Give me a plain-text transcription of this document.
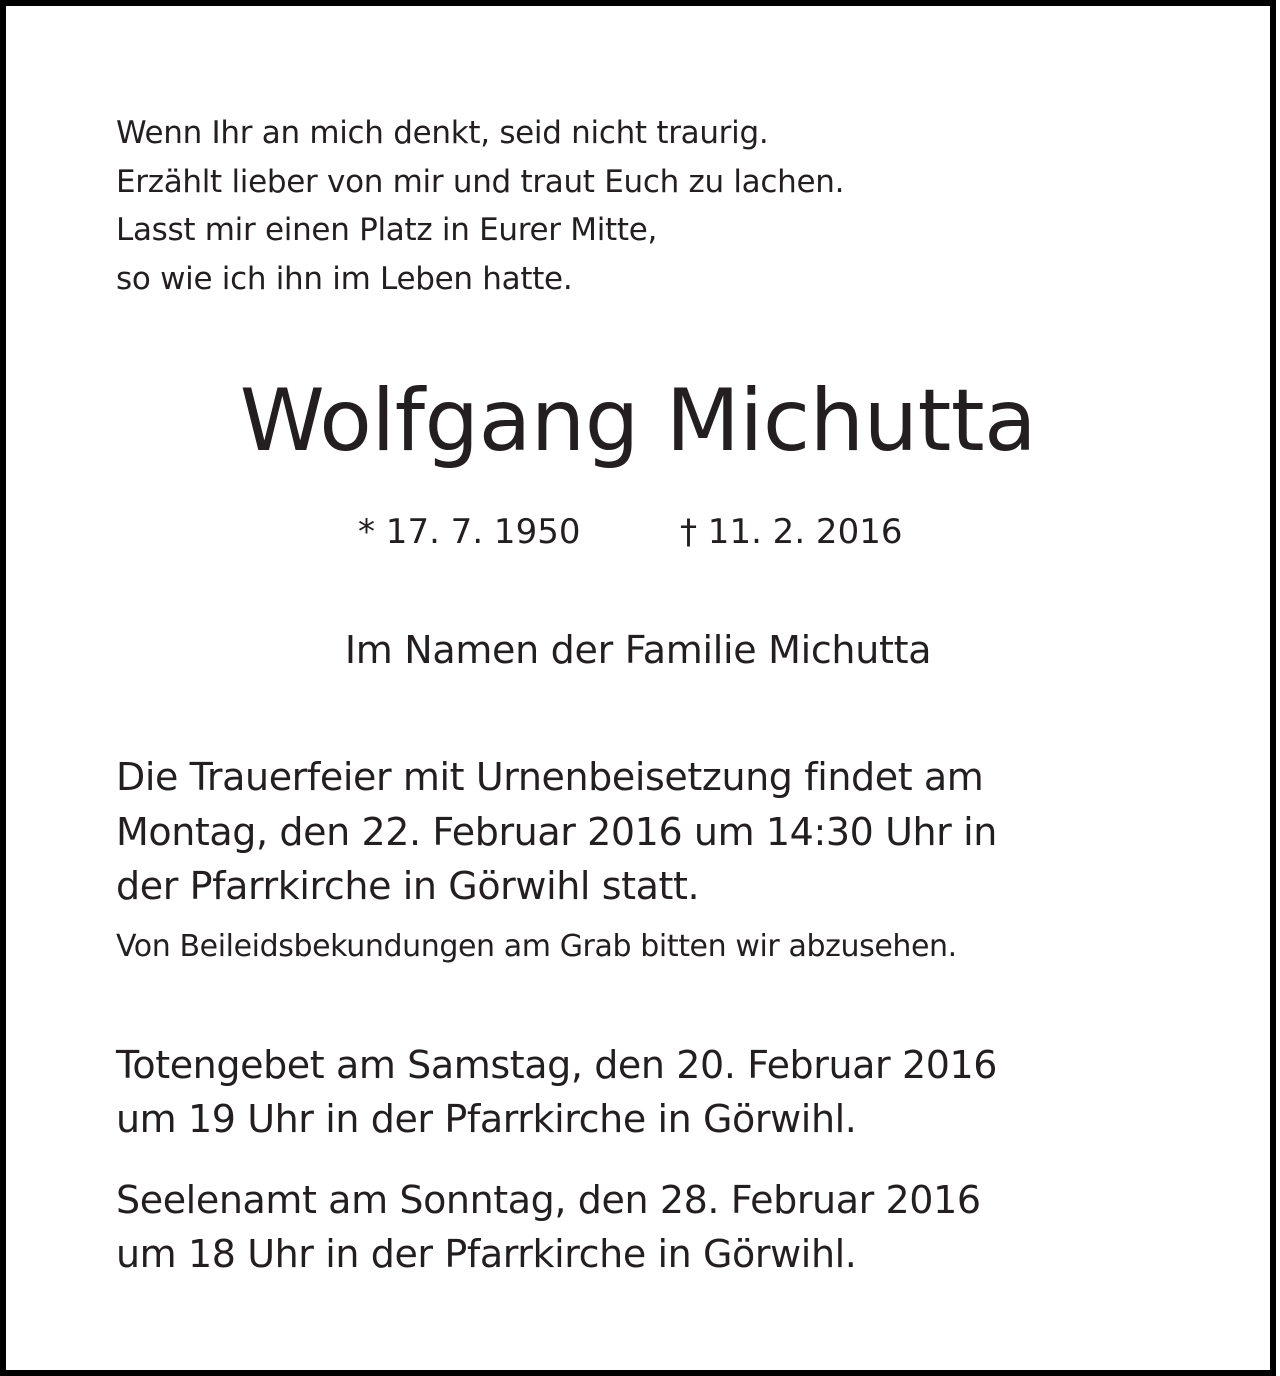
Wenn Ihr an mich denkt, seid nicht traurig.

Erzählt lieber von mir und traut Euch zu lachen.

Lasst mir einen Platz in Eurer Mitte,

so wie ich ihn im Leben hatte.

Wolfgang Michutta

* 17. 7. 1950	† 11. 2. 2016

Im Namen der Familie Michutta

Die Trauerfeier mit Urnenbeisetzung findet am

Montag, den 22. Februar 2016 um 14:30 Uhr in

der Pfarrkirche in Görwihl statt.

Von Beileidsbekundungen am Grab bitten wir abzusehen.

Totengebet am Samstag, den 20. Februar 2016

um 19 Uhr in der Pfarrkirche in Görwihl.

Seelenamt am Sonntag, den 28. Februar 2016

um 18 Uhr in der Pfarrkirche in Görwihl.
